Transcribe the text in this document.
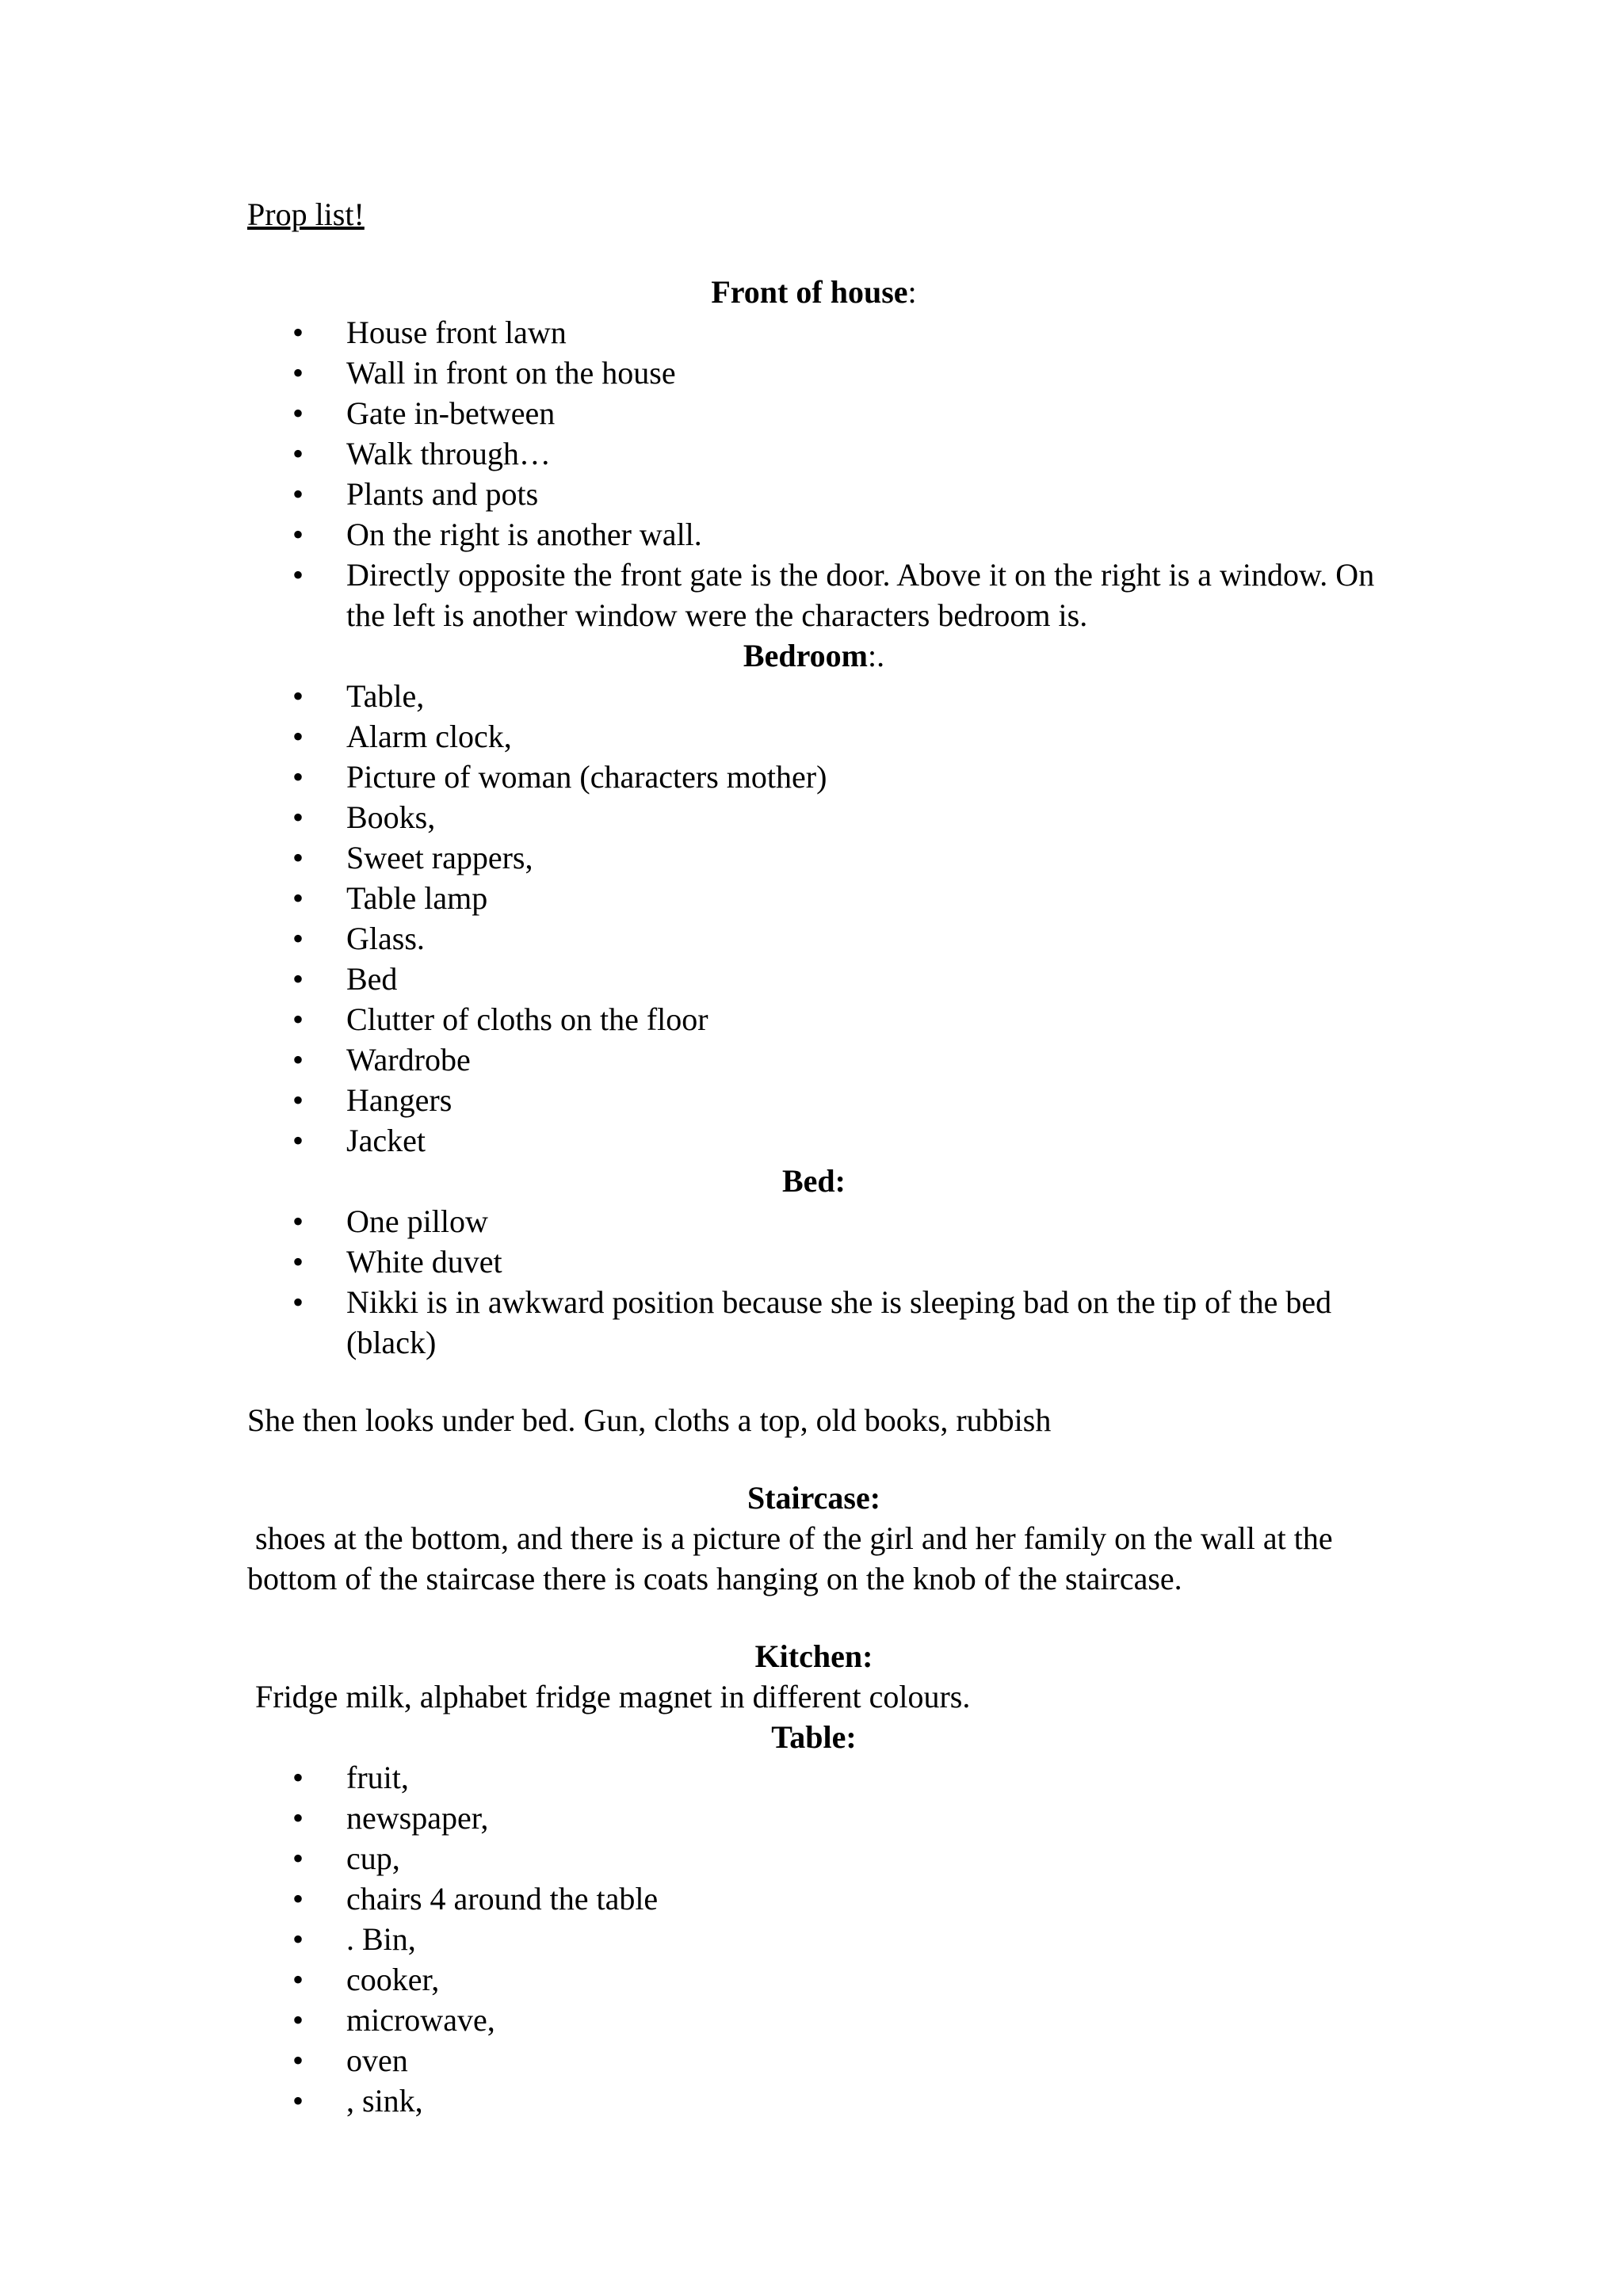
Prop list!

Front of house:

• House front lawn
• Wall in front on the house
• Gate in-between
• Walk through…
• Plants and pots
• On the right is another wall.
• Directly opposite the front gate is the door. Above it on the right is a window. On the left is another window were the characters bedroom is.

Bedroom:.

• Table,
• Alarm clock,
• Picture of woman (characters mother)
• Books,
• Sweet rappers,
• Table lamp
• Glass.
• Bed
• Clutter of cloths on the floor
• Wardrobe
• Hangers
• Jacket

Bed:

• One pillow
• White duvet
• Nikki is in awkward position because she is sleeping bad on the tip of the bed (black)

She then looks under bed. Gun, cloths a top, old books, rubbish

Staircase:

shoes at the bottom, and there is a picture of the girl and her family on the wall at the bottom of the staircase there is coats hanging on the knob of the staircase.

Kitchen:

Fridge milk, alphabet fridge magnet in different colours.

Table:

• fruit,
• newspaper,
• cup,
• chairs 4 around the table
• . Bin,
• cooker,
• microwave,
• oven
• , sink,
